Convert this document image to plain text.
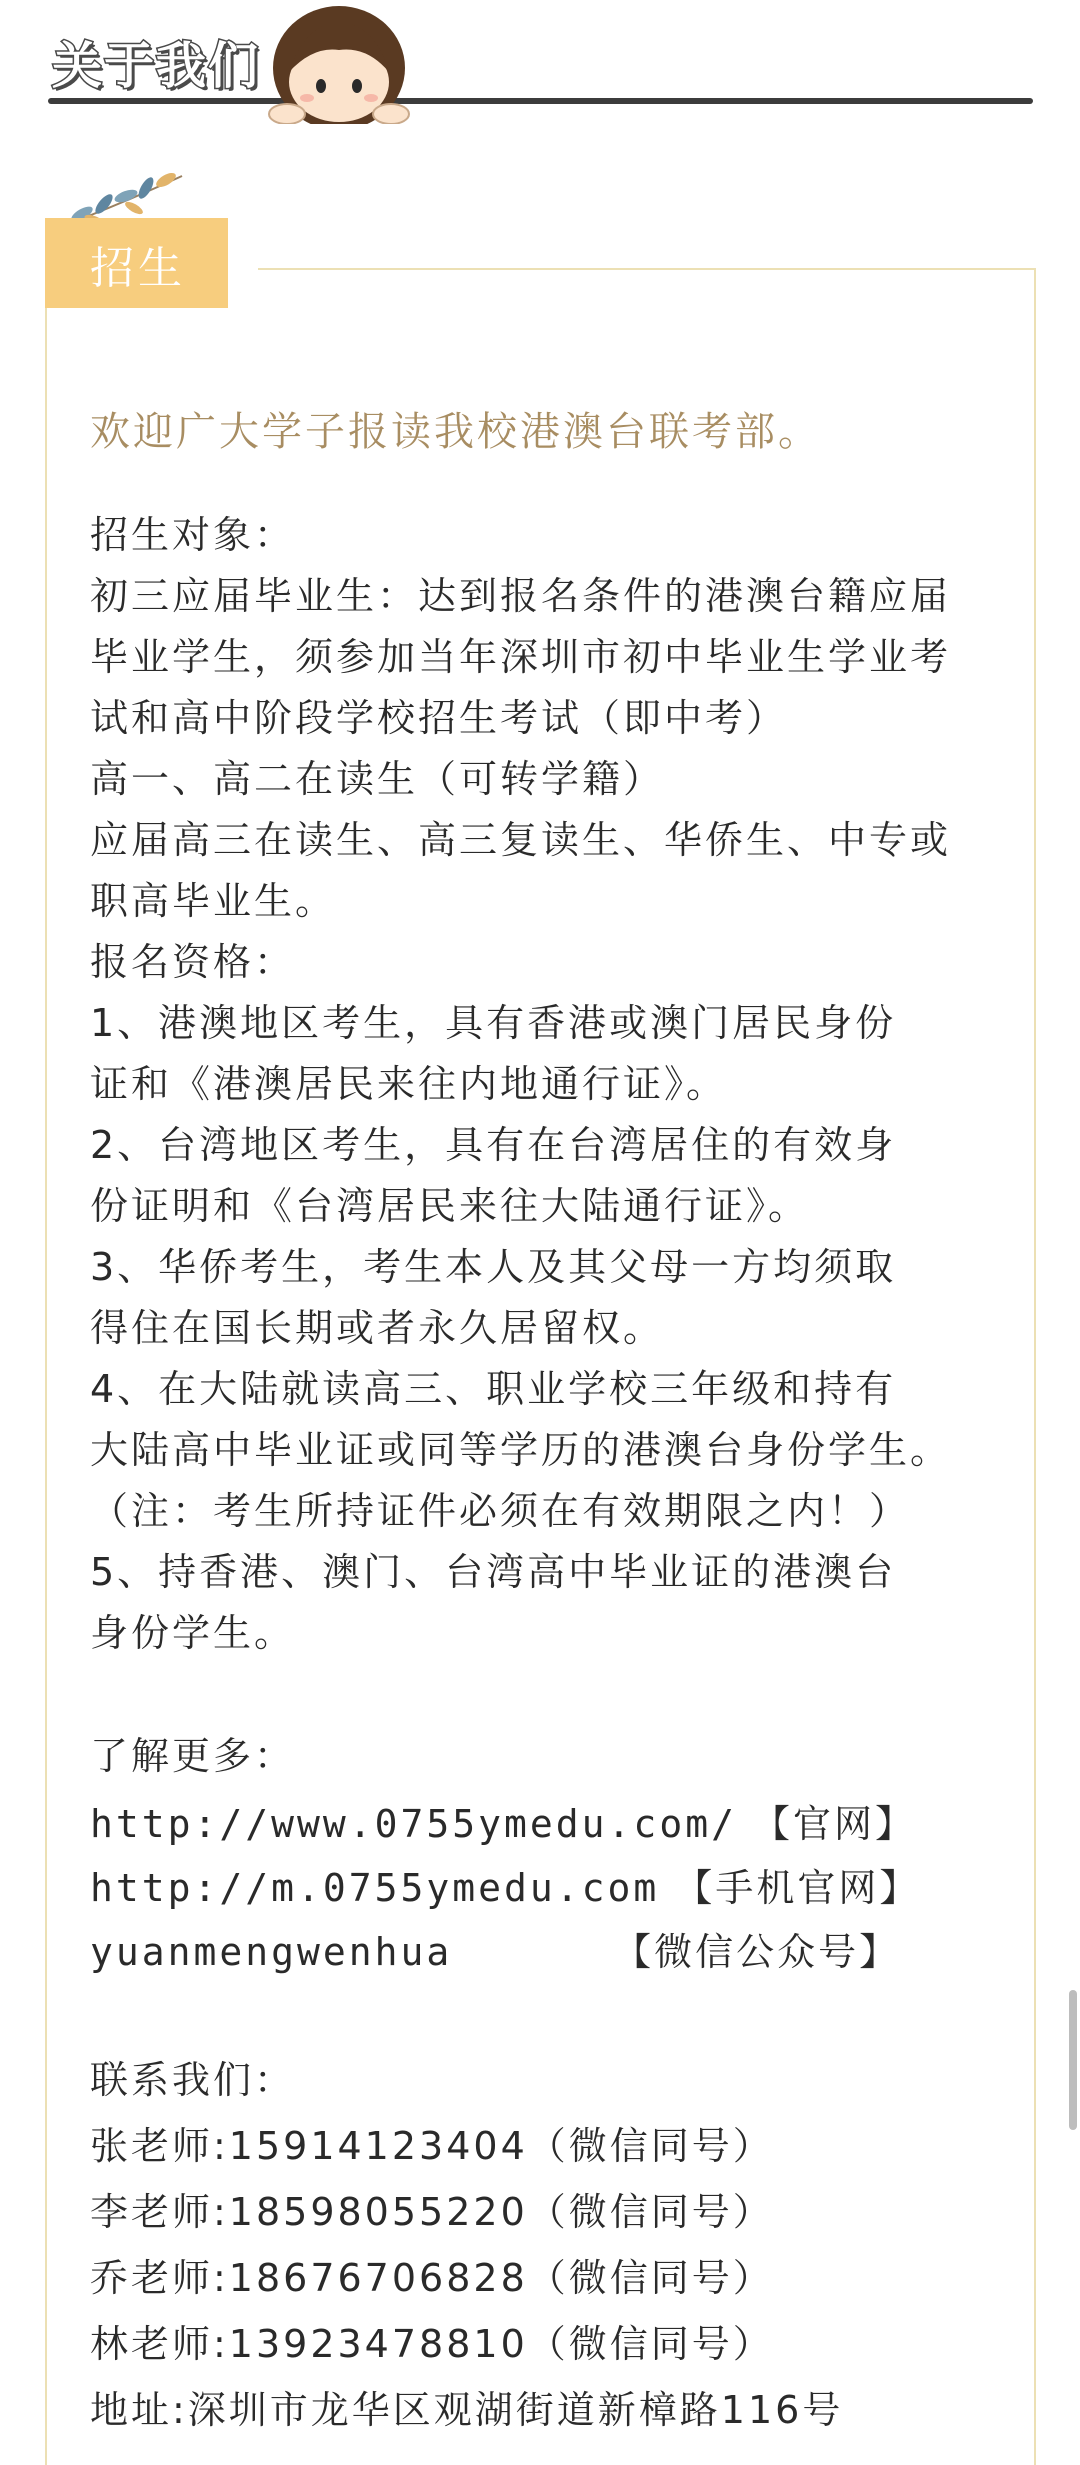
关于我们
招生
欢迎广大学子报读我校港澳台联考部。
招生对象：
初三应届毕业生：达到报名条件的港澳台籍应届
毕业学生，须参加当年深圳市初中毕业生学业考
试和高中阶段学校招生考试（即中考）
高一、高二在读生（可转学籍）
应届高三在读生、高三复读生、华侨生、中专或
职高毕业生。
报名资格：
1、港澳地区考生，具有香港或澳门居民身份
证和《港澳居民来往内地通行证》。
2、台湾地区考生，具有在台湾居住的有效身
份证明和《台湾居民来往大陆通行证》。
3、华侨考生，考生本人及其父母一方均须取
得住在国长期或者永久居留权。
4、在大陆就读高三、职业学校三年级和持有
大陆高中毕业证或同等学历的港澳台身份学生。
（注：考生所持证件必须在有效期限之内！）
5、持香港、澳门、台湾高中毕业证的港澳台
身份学生。
了解更多：
http://www.0755ymedu.com/ 【官网】
http://m.0755ymedu.com 【手机官网】
yuanmengwenhua	【微信公众号】
联系我们：
张老师:15914123404（微信同号）
李老师:18598055220（微信同号）
乔老师:18676706828（微信同号）
林老师:13923478810（微信同号）
地址:深圳市龙华区观湖街道新樟路116号
